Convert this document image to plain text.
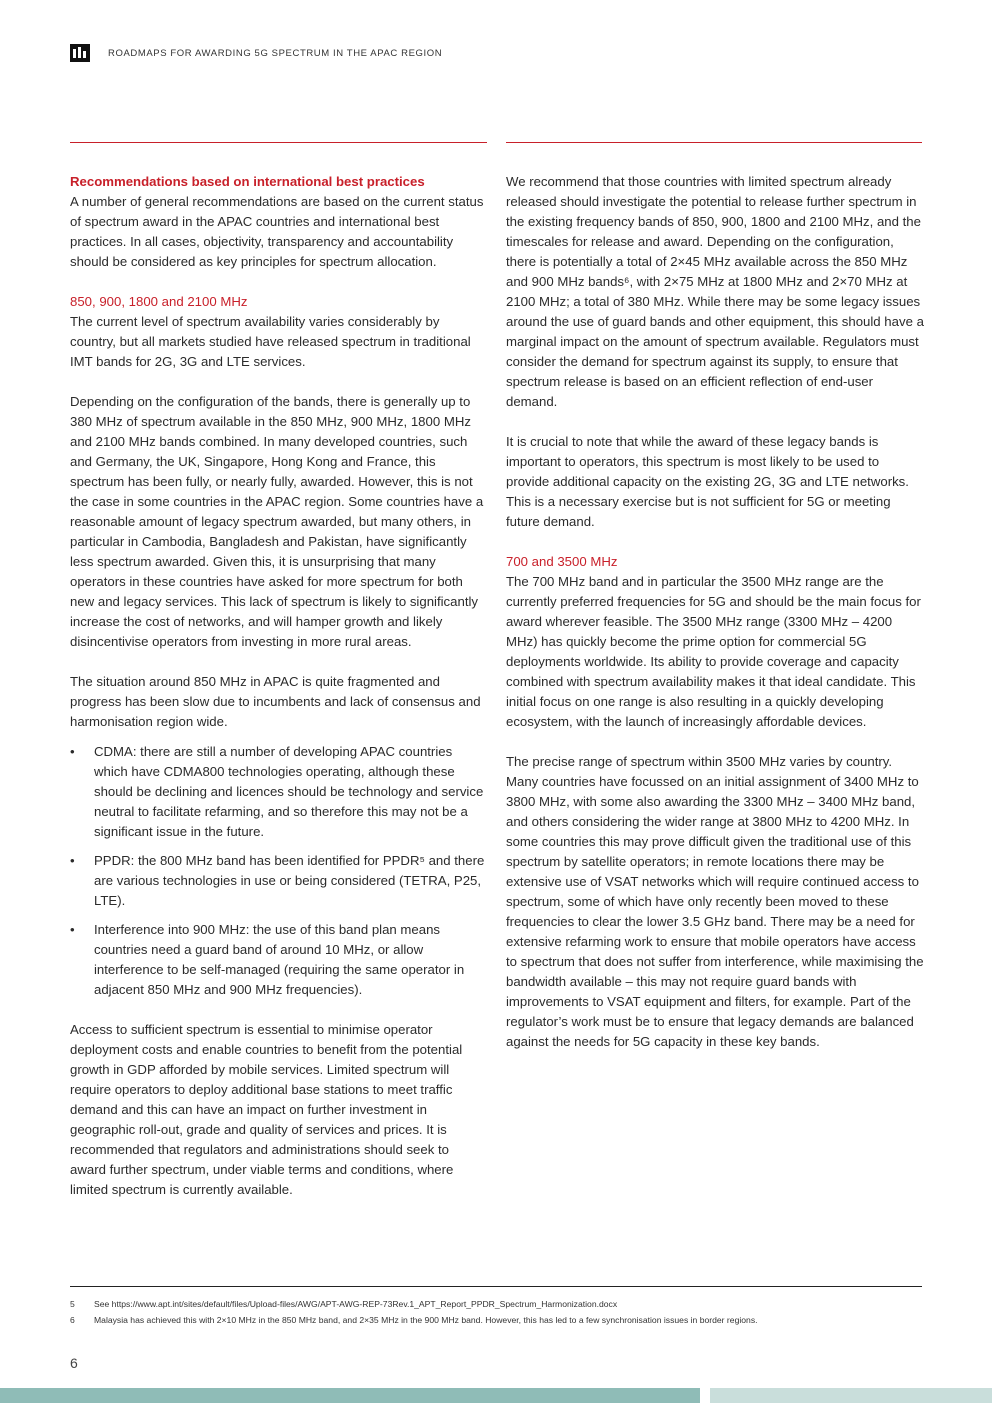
ROADMAPS FOR AWARDING 5G SPECTRUM IN THE APAC REGION
Recommendations based on international best practices

A number of general recommendations are based on the current status of spectrum award in the APAC countries and international best practices. In all cases, objectivity, transparency and accountability should be considered as key principles for spectrum allocation.

850, 900, 1800 and 2100 MHz

The current level of spectrum availability varies considerably by country, but all markets studied have released spectrum in traditional IMT bands for 2G, 3G and LTE services.

Depending on the configuration of the bands, there is generally up to 380 MHz of spectrum available in the 850 MHz, 900 MHz, 1800 MHz and 2100 MHz bands combined. In many developed countries, such and Germany, the UK, Singapore, Hong Kong and France, this spectrum has been fully, or nearly fully, awarded. However, this is not the case in some countries in the APAC region. Some countries have a reasonable amount of legacy spectrum awarded, but many others, in particular in Cambodia, Bangladesh and Pakistan, have significantly less spectrum awarded. Given this, it is unsurprising that many operators in these countries have asked for more spectrum for both new and legacy services. This lack of spectrum is likely to significantly increase the cost of networks, and will hamper growth and likely disincentivise operators from investing in more rural areas.

The situation around 850 MHz in APAC is quite fragmented and progress has been slow due to incumbents and lack of consensus and harmonisation region wide.

• CDMA: there are still a number of developing APAC countries which have CDMA800 technologies operating, although these should be declining and licences should be technology and service neutral to facilitate refarming, and so therefore this may not be a significant issue in the future.
• PPDR: the 800 MHz band has been identified for PPDR⁵ and there are various technologies in use or being considered (TETRA, P25, LTE).
• Interference into 900 MHz: the use of this band plan means countries need a guard band of around 10 MHz, or allow interference to be self-managed (requiring the same operator in adjacent 850 MHz and 900 MHz frequencies).

Access to sufficient spectrum is essential to minimise operator deployment costs and enable countries to benefit from the potential growth in GDP afforded by mobile services. Limited spectrum will require operators to deploy additional base stations to meet traffic demand and this can have an impact on further investment in geographic roll-out, grade and quality of services and prices. It is recommended that regulators and administrations should seek to award further spectrum, under viable terms and conditions, where limited spectrum is currently available.

We recommend that those countries with limited spectrum already released should investigate the potential to release further spectrum in the existing frequency bands of 850, 900, 1800 and 2100 MHz, and the timescales for release and award. Depending on the configuration, there is potentially a total of 2×45 MHz available across the 850 MHz and 900 MHz bands⁶, with 2×75 MHz at 1800 MHz and 2×70 MHz at 2100 MHz; a total of 380 MHz. While there may be some legacy issues around the use of guard bands and other equipment, this should have a marginal impact on the amount of spectrum available. Regulators must consider the demand for spectrum against its supply, to ensure that spectrum release is based on an efficient reflection of end-user demand.

It is crucial to note that while the award of these legacy bands is important to operators, this spectrum is most likely to be used to provide additional capacity on the existing 2G, 3G and LTE networks. This is a necessary exercise but is not sufficient for 5G or meeting future demand.

700 and 3500 MHz

The 700 MHz band and in particular the 3500 MHz range are the currently preferred frequencies for 5G and should be the main focus for award wherever feasible. The 3500 MHz range (3300 MHz – 4200 MHz) has quickly become the prime option for commercial 5G deployments worldwide. Its ability to provide coverage and capacity combined with spectrum availability makes it that ideal candidate. This initial focus on one range is also resulting in a quickly developing ecosystem, with the launch of increasingly affordable devices.

The precise range of spectrum within 3500 MHz varies by country. Many countries have focussed on an initial assignment of 3400 MHz to 3800 MHz, with some also awarding the 3300 MHz – 3400 MHz band, and others considering the wider range at 3800 MHz to 4200 MHz. In some countries this may prove difficult given the traditional use of this spectrum by satellite operators; in remote locations there may be extensive use of VSAT networks which will require continued access to spectrum, some of which have only recently been moved to these frequencies to clear the lower 3.5 GHz band. There may be a need for extensive refarming work to ensure that mobile operators have access to spectrum that does not suffer from interference, while maximising the bandwidth available – this may not require guard bands with improvements to VSAT equipment and filters, for example. Part of the regulator’s work must be to ensure that legacy demands are balanced against the needs for 5G capacity in these key bands.

5	See https://www.apt.int/sites/default/files/Upload-files/AWG/APT-AWG-REP-73Rev.1_APT_Report_PPDR_Spectrum_Harmonization.docx
6	Malaysia has achieved this with 2×10 MHz in the 850 MHz band, and 2×35 MHz in the 900 MHz band. However, this has led to a few synchronisation issues in border regions.
6
